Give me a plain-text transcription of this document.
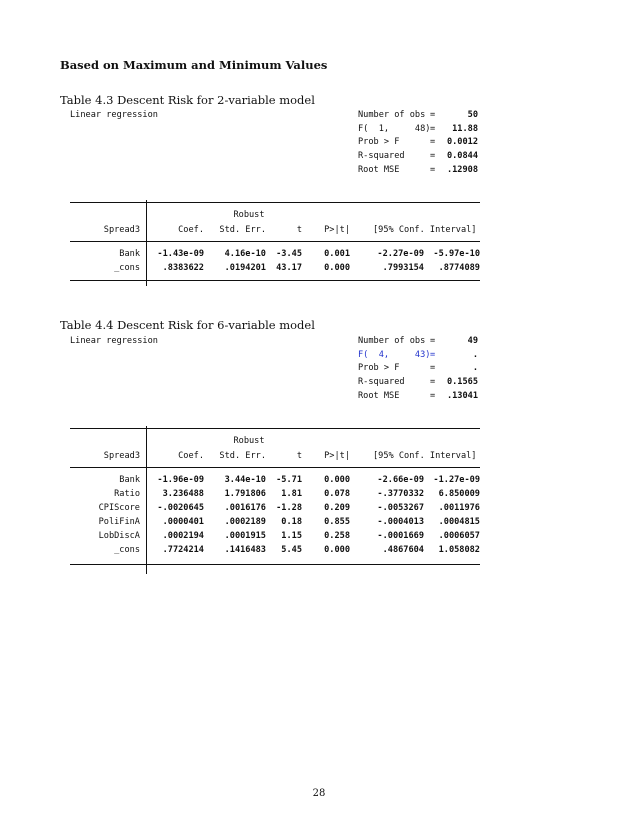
Based on Maximum and Minimum Values
Table 4.3 Descent Risk for 2-variable model
Linear regression	Number of obs =	50
F(  1,     48) =	11.88
Prob > F	=	0.0012
R-squared	=	0.0844
Root MSE	=	.12908
Robust
Spread3	Coef.	Std. Err.	t	P>|t|	[95% Conf. Interval]
Bank	-1.43e-09	4.16e-10	-3.45	0.001	-2.27e-09	-5.97e-10
_cons	.8383622	.0194201	43.17	0.000	.7993154	.8774089
Table 4.4 Descent Risk for 6-variable model
Linear regression	Number of obs =	49
F(  4,     43) =	.
Prob > F	=	.
R-squared	=	0.1565
Root MSE	=	.13041
Robust
Spread3	Coef.	Std. Err.	t	P>|t|	[95% Conf. Interval]
Bank	-1.96e-09	3.44e-10	-5.71	0.000	-2.66e-09	-1.27e-09
Ratio	3.236488	1.791806	1.81	0.078	-.3770332	6.850009
CPIScore	-.0020645	.0016176	-1.28	0.209	-.0053267	.0011976
PoliFinA	.0000401	.0002189	0.18	0.855	-.0004013	.0004815
LobDiscA	.0002194	.0001915	1.15	0.258	-.0001669	.0006057
_cons	.7724214	.1416483	5.45	0.000	.4867604	1.058082
28
